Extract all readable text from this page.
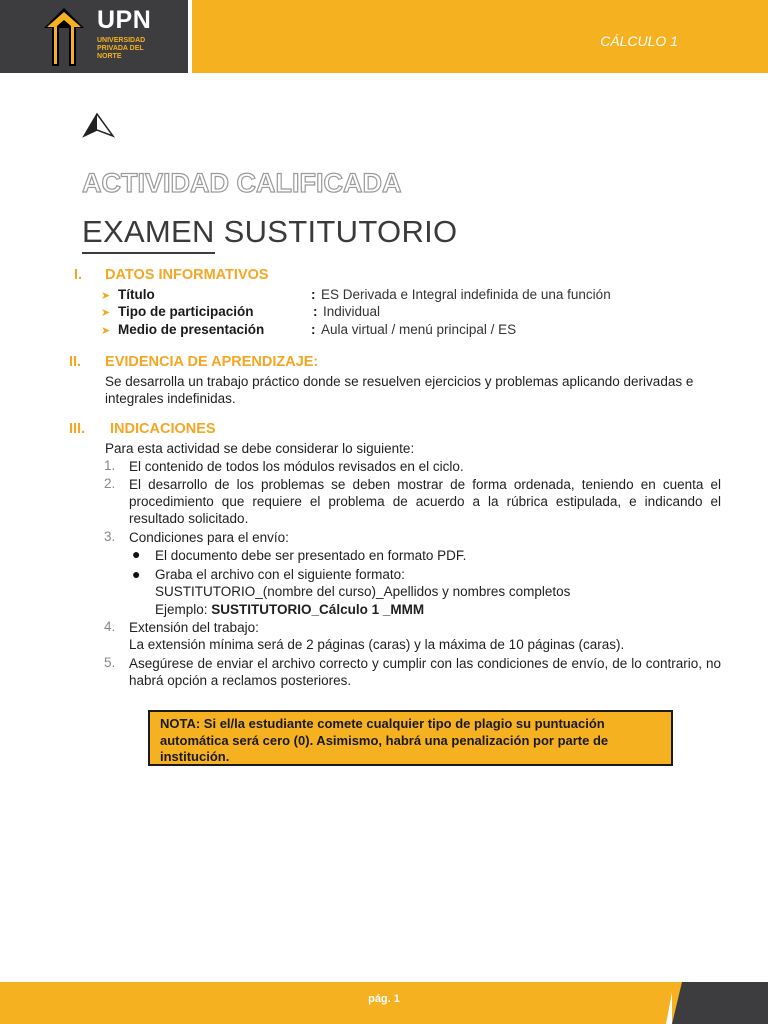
UPN
UNIVERSIDAD PRIVADA DEL NORTE
CÁLCULO 1
ACTIVIDAD CALIFICADA
EXAMEN SUSTITUTORIO
I. DATOS INFORMATIVOS
➤ Título	: ES Derivada e Integral indefinida de una función
➤ Tipo de participación	: Individual
➤ Medio de presentación	: Aula virtual / menú principal / ES
II. EVIDENCIA DE APRENDIZAJE:
Se desarrolla un trabajo práctico donde se resuelven ejercicios y problemas aplicando derivadas e integrales indefinidas.
III. INDICACIONES
Para esta actividad se debe considerar lo siguiente:
1. El contenido de todos los módulos revisados en el ciclo.
2. El desarrollo de los problemas se deben mostrar de forma ordenada, teniendo en cuenta el procedimiento que requiere el problema de acuerdo a la rúbrica estipulada, e indicando el resultado solicitado.
3. Condiciones para el envío:
● El documento debe ser presentado en formato PDF.
● Graba el archivo con el siguiente formato:
SUSTITUTORIO_(nombre del curso)_Apellidos y nombres completos
Ejemplo: SUSTITUTORIO_Cálculo 1 _MMM
4. Extensión del trabajo:
La extensión mínima será de 2 páginas (caras) y la máxima de 10 páginas (caras).
5. Asegúrese de enviar el archivo correcto y cumplir con las condiciones de envío, de lo contrario, no habrá opción a reclamos posteriores.
NOTA: Si el/la estudiante comete cualquier tipo de plagio su puntuación automática será cero (0). Asimismo, habrá una penalización por parte de institución.
pág. 1
